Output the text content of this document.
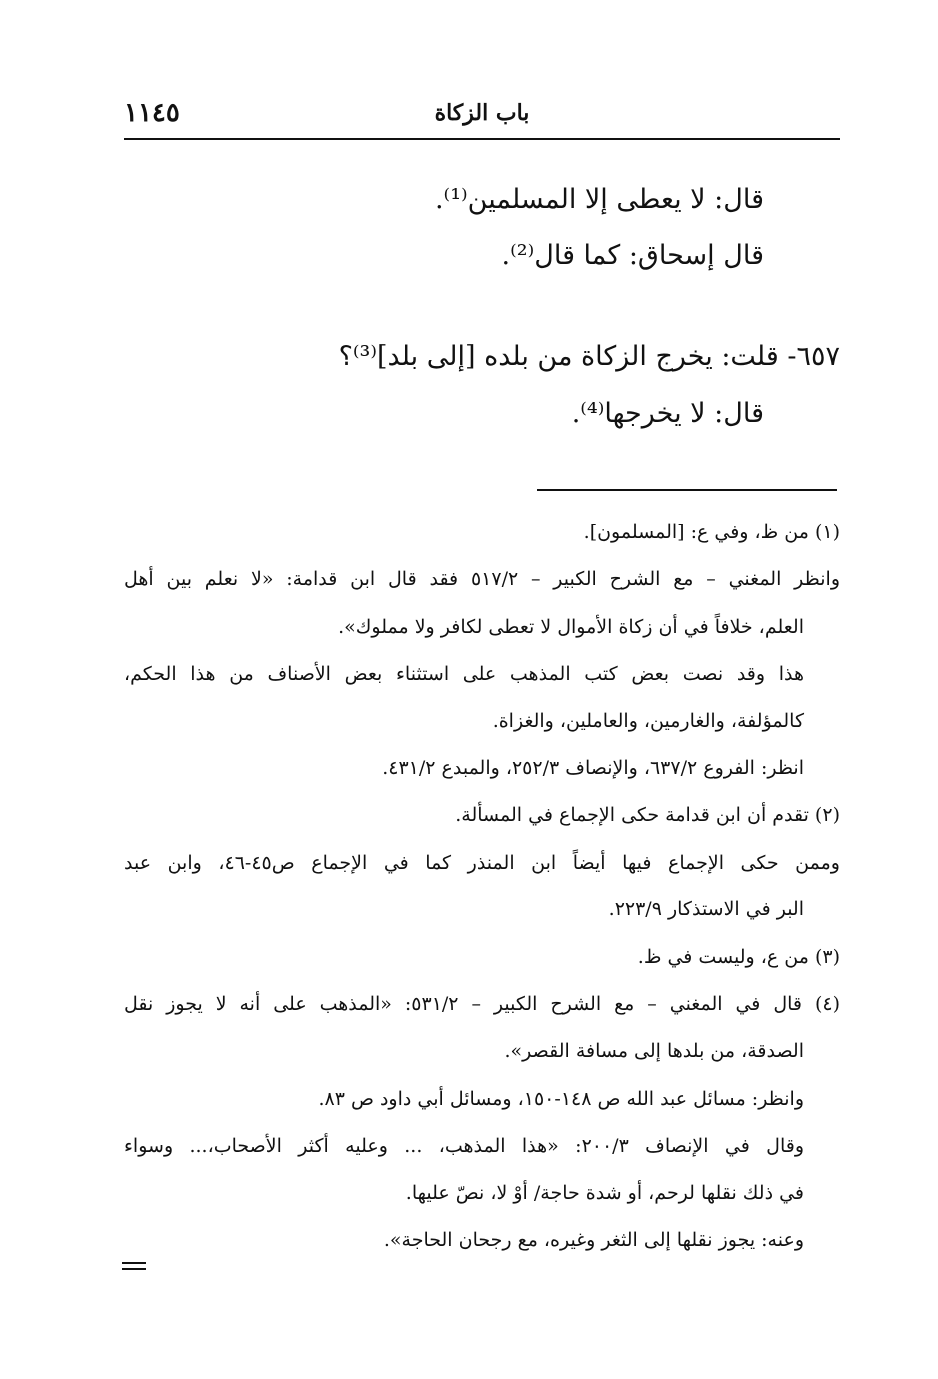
١١٤٥	باب الزكاة
قال: لا يعطى إلا المسلمين⁽¹⁾.
قال إسحاق: كما قال⁽²⁾.
٦٥٧- قلت: يخرج الزكاة من بلده [إلى بلد]⁽³⁾؟
قال: لا يخرجها⁽⁴⁾.
(١) من ظ، وفي ع: [المسلمون].
وانظر المغني – مع الشرح الكبير – ٥١٧/٢ فقد قال ابن قدامة: «لا نعلم بين أهل
العلم، خلافاً في أن زكاة الأموال لا تعطى لكافر ولا مملوك».
هذا وقد نصت بعض كتب المذهب على استثناء بعض الأصناف من هذا الحكم،
كالمؤلفة، والغارمين، والعاملين، والغزاة.
انظر: الفروع ٦٣٧/٢، والإنصاف ٢٥٢/٣، والمبدع ٤٣١/٢.
(٢) تقدم أن ابن قدامة حكى الإجماع في المسألة.
وممن حكى الإجماع فيها أيضاً ابن المنذر كما في الإجماع ص٤٥-٤٦، وابن عبد
البر في الاستذكار ٢٢٣/٩.
(٣) من ع، وليست في ظ.
(٤) قال في المغني – مع الشرح الكبير – ٥٣١/٢: «المذهب على أنه لا يجوز نقل
الصدقة، من بلدها إلى مسافة القصر».
وانظر: مسائل عبد الله ص ١٤٨-١٥٠، ومسائل أبي داود ص ٨٣.
وقال في الإنصاف ٢٠٠/٣: «هذا المذهب، ... وعليه أكثر الأصحاب،... وسواء
في ذلك نقلها لرحم، أو شدة حاجة/ أوْ لا، نصّ عليها.
وعنه: يجوز نقلها إلى الثغر وغيره، مع رجحان الحاجة».
